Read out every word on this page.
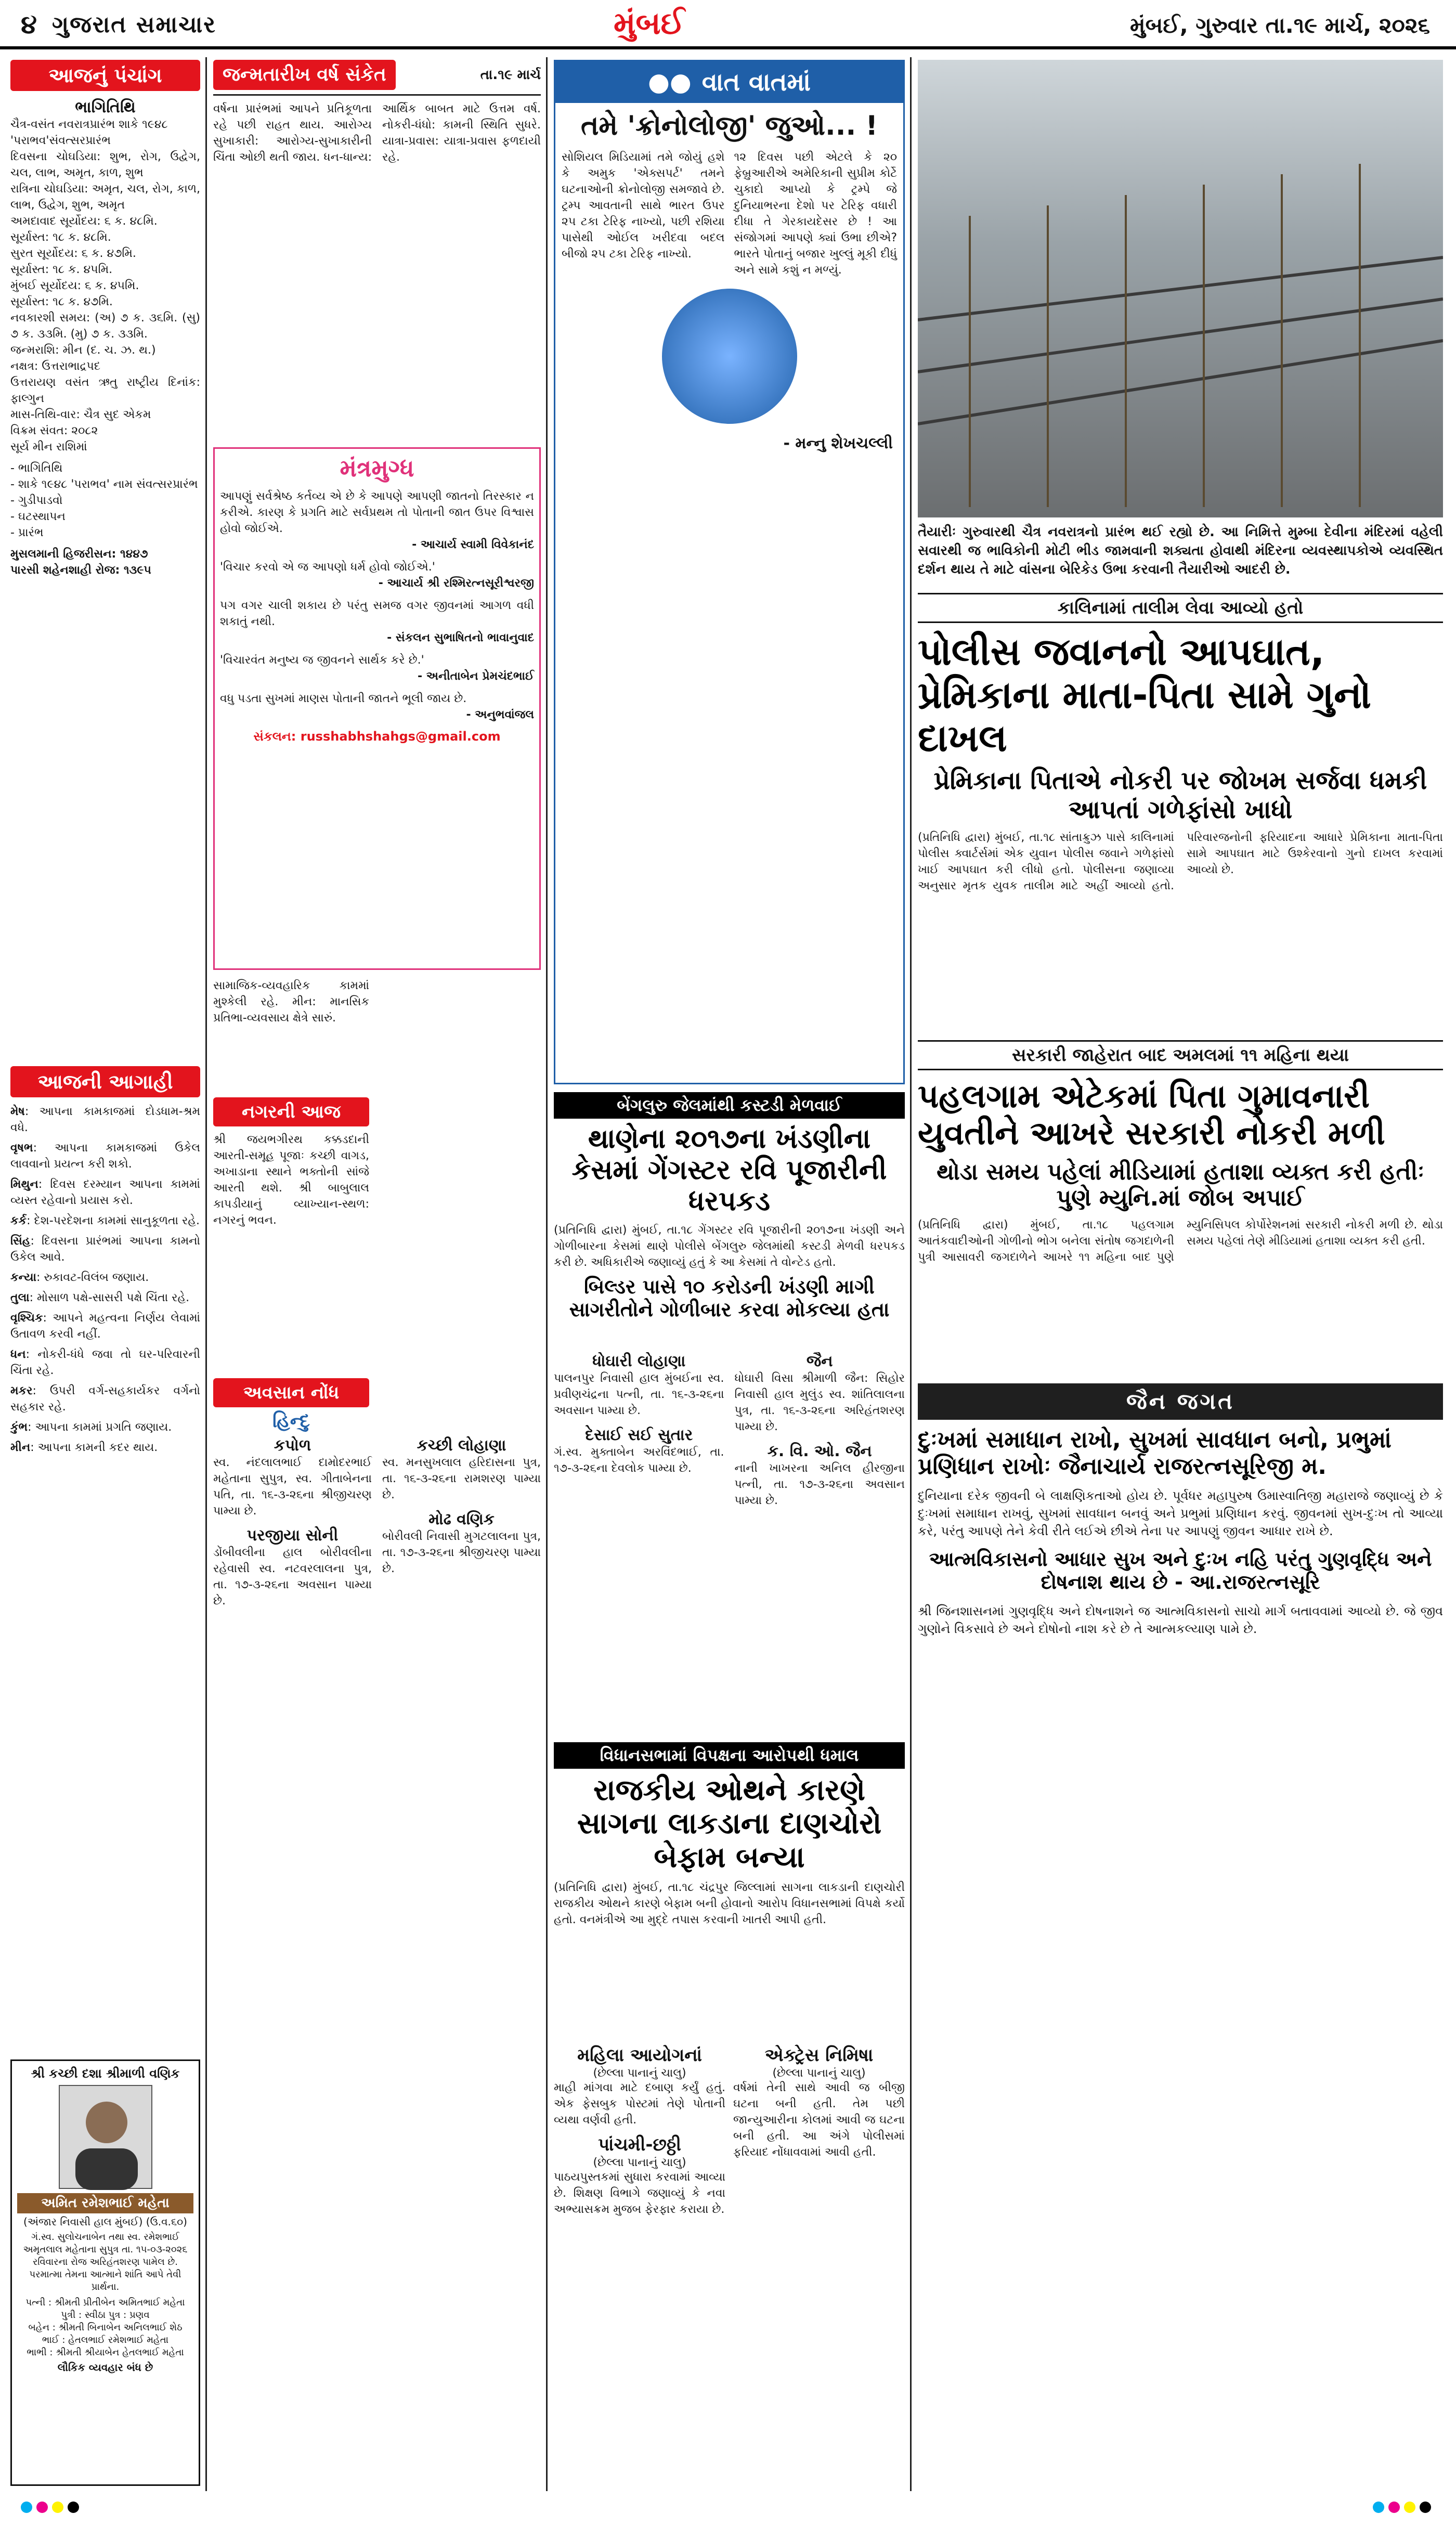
૪ ગુજરાત સમાચાર	મુંબઈ	મુંબઈ, ગુરુવાર તા.૧૯ માર્ચ, ૨૦૨૬
આજનું પંચાંગ
ભાગિતિથિ

ચૈત્ર-વસંત નવરાત્રપ્રારંભ શાકે ૧૯૪૮

'પરાભવ'સંવત્સરપ્રારંભ

દિવસના ચોઘડિયા: શુભ, રોગ, ઉદ્વેગ, ચલ, લાભ, અમૃત, કાળ, શુભ

રાત્રિના ચોઘડિયા: અમૃત, ચલ, રોગ, કાળ, લાભ, ઉદ્વેગ, શુભ, અમૃત

અમદાવાદ સૂર્યોદય: ૬ ક. ૪૮મિ.

સૂર્યાસ્ત: ૧૮ ક. ૪૮મિ.

સુરત સૂર્યોદય: ૬ ક. ૪૭મિ.

સૂર્યાસ્ત: ૧૮ ક. ૪૫મિ.

મુંબઈ સૂર્યોદય: ૬ ક. ૪૫મિ.

સૂર્યાસ્ત: ૧૮ ક. ૪૭મિ.

નવકારશી સમય: (અ) ૭ ક. ૩૬મિ. (સુ) ૭ ક. ૩૩મિ. (મુ) ૭ ક. ૩૩મિ.

જન્મરાશિ: મીન (દ. ચ. ઝ. થ.)

નક્ષત્ર: ઉત્તરાભાદ્રપદ

ઉત્તરાયણ વસંત ઋતુ રાષ્ટ્રીય દિનાંક: ફાલ્ગુન

માસ-તિથિ-વાર: ચૈત્ર સુદ એકમ

વિક્રમ સંવત: ૨૦૮૨

સૂર્ય મીન રાશિમાં

- ભાગિતિથિ

- શાકે ૧૯૪૮ 'પરાભવ' નામ સંવત્સરપ્રારંભ

- ગુડીપાડવો

- ઘટસ્થાપન

- પ્રારંભ

મુસલમાની હિજરીસન: ૧૪૪૭

પારસી શહેનશાહી રોજ: ૧૩૯૫

આજની આગાહી

મેષ: આપના કામકાજમાં દોડધામ-શ્રમ વધે.

વૃષભ: આપના કામકાજમાં ઉકેલ લાવવાનો પ્રયત્ન કરી શકો.

મિથુન: દિવસ દરમ્યાન આપના કામમાં વ્યસ્ત રહેવાનો પ્રયાસ કરો.

કર્ક: દેશ-પરદેશના કામમાં સાનુકૂળતા રહે.

સિંહ: દિવસના પ્રારંભમાં આપના કામનો ઉકેલ આવે.

કન્યા: રુકાવટ-વિલંબ જણાય.

તુલા: મોસાળ પક્ષે-સાસરી પક્ષે ચિંતા રહે.

વૃશ્ચિક: આપને મહત્વના નિર્ણય લેવામાં ઉતાવળ કરવી નહીં.

ધન: નોકરી-ધંધે જવા તો ઘર-પરિવારની ચિંતા રહે.

મકર: ઉપરી વર્ગ-સહકાર્યકર વર્ગનો સહકાર રહે.

કુંભ: આપના કામમાં પ્રગતિ જણાય.

મીન: આપના કામની કદર થાય.

જન્મતારીખ વર્ષ સંકેત	તા.૧૯ માર્ચ

વર્ષના પ્રારંભમાં આપને પ્રતિકૂળતા રહે પછી રાહત થાય. આરોગ્ય સુખાકારી: આરોગ્ય-સુખાકારીની ચિંતા ઓછી થતી જાય. ધન-ધાન્ય: આર્થિક બાબત માટે ઉત્તમ વર્ષ. નોકરી-ધંધો: કામની સ્થિતિ સુધરે. યાત્રા-પ્રવાસ: યાત્રા-પ્રવાસ ફળદાયી રહે.

મંત્રમુગ્ધ

આપણું સર્વશ્રેષ્ઠ કર્તવ્ય એ છે કે આપણે આપણી જાતનો તિરસ્કાર ન કરીએ. કારણ કે પ્રગતિ માટે સર્વપ્રથમ તો પોતાની જાત ઉપર વિશ્વાસ હોવો જોઈએ.

- આચાર્ય સ્વામી વિવેકાનંદ

'વિચાર કરવો એ જ આપણો ધર્મ હોવો જોઈએ.'

- આચાર્ય શ્રી રશ્મિરત્નસૂરીશ્વરજી

પગ વગર ચાલી શકાય છે પરંતુ સમજ વગર જીવનમાં આગળ વધી શકાતું નથી.

- સંકલન સુભાષિતનો ભાવાનુવાદ

'વિચારવંત મનુષ્ય જ જીવનને સાર્થક કરે છે.'

- અનીતાબેન પ્રેમચંદભાઈ

વધુ પડતા સુખમાં માણસ પોતાની જાતને ભૂલી જાય છે.

- અનુભવાંજલ

સંકલન: russhabhshahgs@gmail.com

સામાજિક-વ્યવહારિક કામમાં મુશ્કેલી રહે. મીન: માનસિક પ્રતિભા-વ્યવસાય ક્ષેત્રે સારું.

નગરની આજ

શ્રી જયભગીરથ કક્કડદાની આરતી-સમૂહ પૂજાઃ કચ્છી વાગડ, અખાડાના સ્થાને ભક્તોની સાંજે આરતી થશે. શ્રી બાબુલાલ કાપડીયાનું વ્યાખ્યાન-સ્થળ: નગરનું ભવન.

અવસાન નોંધ
હિન્દુ
કપોળ

સ્વ. નંદલાલભાઈ દામોદરભાઈ મહેતાના સુપુત્ર, સ્વ. ગીતાબેનના પતિ, તા. ૧૬-૩-૨૬ના શ્રીજીચરણ પામ્યા છે.

પરજીયા સોની

ડોંબીવલીના હાલ બોરીવલીના રહેવાસી સ્વ. નટવરલાલના પુત્ર, તા. ૧૭-૩-૨૬ના અવસાન પામ્યા છે.

કચ્છી લોહાણા

સ્વ. મનસુખલાલ હરિદાસના પુત્ર, તા. ૧૬-૩-૨૬ના રામશરણ પામ્યા છે.

મોઢ વણિક

બોરીવલી નિવાસી મુગટલાલના પુત્ર, તા. ૧૭-૩-૨૬ના શ્રીજીચરણ પામ્યા છે.

શ્રી કચ્છી દશા શ્રીમાળી વણિક
અમિત રમેશભાઈ મહેતા
(અંજાર નિવાસી હાલ મુંબઈ) (ઉ.વ.૬૦)

ગં.સ્વ. સુલોચનાબેન તથા સ્વ. રમેશભાઈ અમૃતલાલ મહેતાના સુપુત્ર તા. ૧૫-૦૩-૨૦૨૬ રવિવારના રોજ અરિહંતશરણ પામેલ છે. પરમાત્મા તેમના આત્માને શાંતિ આપે તેવી પ્રાર્થના.

પત્ની : શ્રીમતી પ્રીતીબેન અમિતભાઈ મહેતા
પુત્રી : સ્વીઠા પુત્ર : પ્રણવ
બહેન : શ્રીમતી બિનાબેન અનિલભાઈ શેઠ
ભાઈ : હેતલભાઈ રમેશભાઈ મહેતા
ભાભી : શ્રીમતી શ્રીયાબેન હેતલભાઈ મહેતા
લૌકિક વ્યવહાર બંધ છે
●● વાત વાતમાં
તમે 'ક્રોનોલોજી' જુઓ... !

સોશિયલ મિડિયામાં તમે જોયું હશે કે અમુક 'એક્સપર્ટ' તમને ઘટનાઓની ક્રોનોલોજી સમજાવે છે. ટ્રમ્પ આવતાની સાથે ભારત ઉપર ૨૫ ટકા ટેરિફ નાખ્યો, પછી રશિયા પાસેથી ઓઈલ ખરીદવા બદલ બીજો ૨૫ ટકા ટેરિફ નાખ્યો.

૧૨ દિવસ પછી એટલે કે ૨૦ ફેબ્રુઆરીએ અમેરિકાની સુપ્રીમ કોર્ટે ચુકાદો આપ્યો કે ટ્રમ્પે જે દુનિયાભરના દેશો પર ટેરિફ વધારી દીધા તે ગેરકાયદેસર છે ! આ સંજોગમાં આપણે ક્યાં ઉભા છીએ? ભારતે પોતાનું બજાર ખુલ્લું મૂકી દીધું અને સામે કશું ન મળ્યું.

- મન્નુ શેખચલ્લી
બેંગલુરુ જેલમાંથી કસ્ટડી મેળવાઈ
થાણેના ૨૦૧૭ના ખંડણીના કેસમાં ગેંગસ્ટર રવિ પૂજારીની ધરપકડ

(પ્રતિનિધિ દ્વારા) મુંબઈ, તા.૧૮ ગેંગસ્ટર રવિ પૂજારીની ૨૦૧૭ના ખંડણી અને ગોળીબારના કેસમાં થાણે પોલીસે બેંગલુરુ જેલમાંથી કસ્ટડી મેળવી ધરપકડ કરી છે. અધિકારીએ જણાવ્યું હતું કે આ કેસમાં તે વોન્ટેડ હતો.

બિલ્ડર પાસે ૧૦ કરોડની ખંડણી માગી સાગરીતોને ગોળીબાર કરવા મોકલ્યા હતા
ધોઘારી લોહાણા

પાલનપુર નિવાસી હાલ મુંબઈના સ્વ. પ્રવીણચંદ્રના પત્ની, તા. ૧૬-૩-૨૬ના અવસાન પામ્યા છે.

દેસાઈ સઈ સુતાર

ગં.સ્વ. મુક્તાબેન અરવિંદભાઈ, તા. ૧૭-૩-૨૬ના દેવલોક પામ્યા છે.

જૈન

ધોઘારી વિસા શ્રીમાળી જૈન: સિહોર નિવાસી હાલ મુલુંડ સ્વ. શાંતિલાલના પુત્ર, તા. ૧૬-૩-૨૬ના અરિહંતશરણ પામ્યા છે.

ક. વિ. ઓ. જૈન

નાની ખાખરના અનિલ હીરજીના પત્ની, તા. ૧૭-૩-૨૬ના અવસાન પામ્યા છે.

વિધાનસભામાં વિપક્ષના આરોપથી ધમાલ
રાજકીય ઓથને કારણે સાગના લાકડાના દાણચોરો બેફામ બન્યા

(પ્રતિનિધિ દ્વારા) મુંબઈ, તા.૧૮ ચંદ્રપુર જિલ્લામાં સાગના લાકડાની દાણચોરી રાજકીય ઓથને કારણે બેફામ બની હોવાનો આરોપ વિધાનસભામાં વિપક્ષે કર્યો હતો. વનમંત્રીએ આ મુદ્દે તપાસ કરવાની ખાતરી આપી હતી.

મહિલા આયોગનાં
(છેલ્લા પાનાનું ચાલુ)

માહી માંગવા માટે દબાણ કર્યું હતું. એક ફેસબુક પોસ્ટમાં તેણે પોતાની વ્યથા વર્ણવી હતી.

પાંચમી-છઠ્ઠી
(છેલ્લા પાનાનું ચાલુ)

પાઠયપુસ્તકમાં સુધારા કરવામાં આવ્યા છે. શિક્ષણ વિભાગે જણાવ્યું કે નવા અભ્યાસક્રમ મુજબ ફેરફાર કરાયા છે.

એક્ટ્રેસ નિમિષા
(છેલ્લા પાનાનું ચાલુ)

વર્ષમાં તેની સાથે આવી જ બીજી ઘટના બની હતી. તેમ પછી જાન્યુઆરીના કોલમાં આવી જ ઘટના બની હતી. આ અંગે પોલીસમાં ફરિયાદ નોંધાવવામાં આવી હતી.

તૈયારીઃ ગુરુવારથી ચૈત્ર નવરાત્રનો પ્રારંભ થઈ રહ્યો છે. આ નિમિત્તે મુમ્બા દેવીના મંદિરમાં વહેલી સવારથી જ ભાવિકોની મોટી ભીડ જામવાની શક્યતા હોવાથી મંદિરના વ્યવસ્થાપકોએ વ્યવસ્થિત દર્શન થાય તે માટે વાંસના બેરિકેડ ઉભા કરવાની તૈયારીઓ આદરી છે.

કાલિનામાં તાલીમ લેવા આવ્યો હતો
પોલીસ જવાનનો આપઘાત, પ્રેમિકાના માતા-પિતા સામે ગુનો દાખલ
પ્રેમિકાના પિતાએ નોકરી પર જોખમ સર્જવા ધમકી આપતાં ગળેફાંસો ખાધો

(પ્રતિનિધિ દ્વારા) મુંબઈ, તા.૧૮ સાંતાક્રુઝ પાસે કાલિનામાં પોલીસ ક્વાર્ટર્સમાં એક યુવાન પોલીસ જવાને ગળેફાંસો ખાઈ આપઘાત કરી લીધો હતો. પોલીસના જણાવ્યા અનુસાર મૃતક યુવક તાલીમ માટે અહીં આવ્યો હતો. પરિવારજનોની ફરિયાદના આધારે પ્રેમિકાના માતા-પિતા સામે આપઘાત માટે ઉશ્કેરવાનો ગુનો દાખલ કરવામાં આવ્યો છે.

સરકારી જાહેરાત બાદ અમલમાં ૧૧ મહિના થયા
પહલગામ એટેકમાં પિતા ગુમાવનારી યુવતીને આખરે સરકારી નોકરી મળી
થોડા સમય પહેલાં મીડિયામાં હતાશા વ્યક્ત કરી હતીઃ પુણે મ્યુનિ.માં જોબ અપાઈ

(પ્રતિનિધિ દ્વારા) મુંબઈ, તા.૧૮ પહલગામ આતંકવાદીઓની ગોળીનો ભોગ બનેલા સંતોષ જગદાળેની પુત્રી આસાવરી જગદાળેને આખરે ૧૧ મહિના બાદ પુણે મ્યુનિસિપલ કોર્પોરેશનમાં સરકારી નોકરી મળી છે. થોડા સમય પહેલાં તેણે મીડિયામાં હતાશા વ્યક્ત કરી હતી.

જૈન જગત
દુઃખમાં સમાધાન રાખો, સુખમાં સાવધાન બનો, પ્રભુમાં પ્રણિધાન રાખોઃ જૈનાચાર્ય રાજરત્નસૂરિજી મ.

દુનિયાના દરેક જીવની બે લાક્ષણિકતાઓ હોય છે. પૂર્વધર મહાપુરુષ ઉમાસ્વાતિજી મહારાજે જણાવ્યું છે કે દુઃખમાં સમાધાન રાખવું, સુખમાં સાવધાન બનવું અને પ્રભુમાં પ્રણિધાન કરવું. જીવનમાં સુખ-દુઃખ તો આવ્યા કરે, પરંતુ આપણે તેને કેવી રીતે લઈએ છીએ તેના પર આપણું જીવન આધાર રાખે છે.

આત્મવિકાસનો આધાર સુખ અને દુઃખ નહિ પરંતુ ગુણવૃદ્ધિ અને દોષનાશ થાય છે - આ.રાજરત્નસૂરિ

શ્રી જિનશાસનમાં ગુણવૃદ્ધિ અને દોષનાશને જ આત્મવિકાસનો સાચો માર્ગ બતાવવામાં આવ્યો છે. જે જીવ ગુણોને વિકસાવે છે અને દોષોનો નાશ કરે છે તે આત્મકલ્યાણ પામે છે.
